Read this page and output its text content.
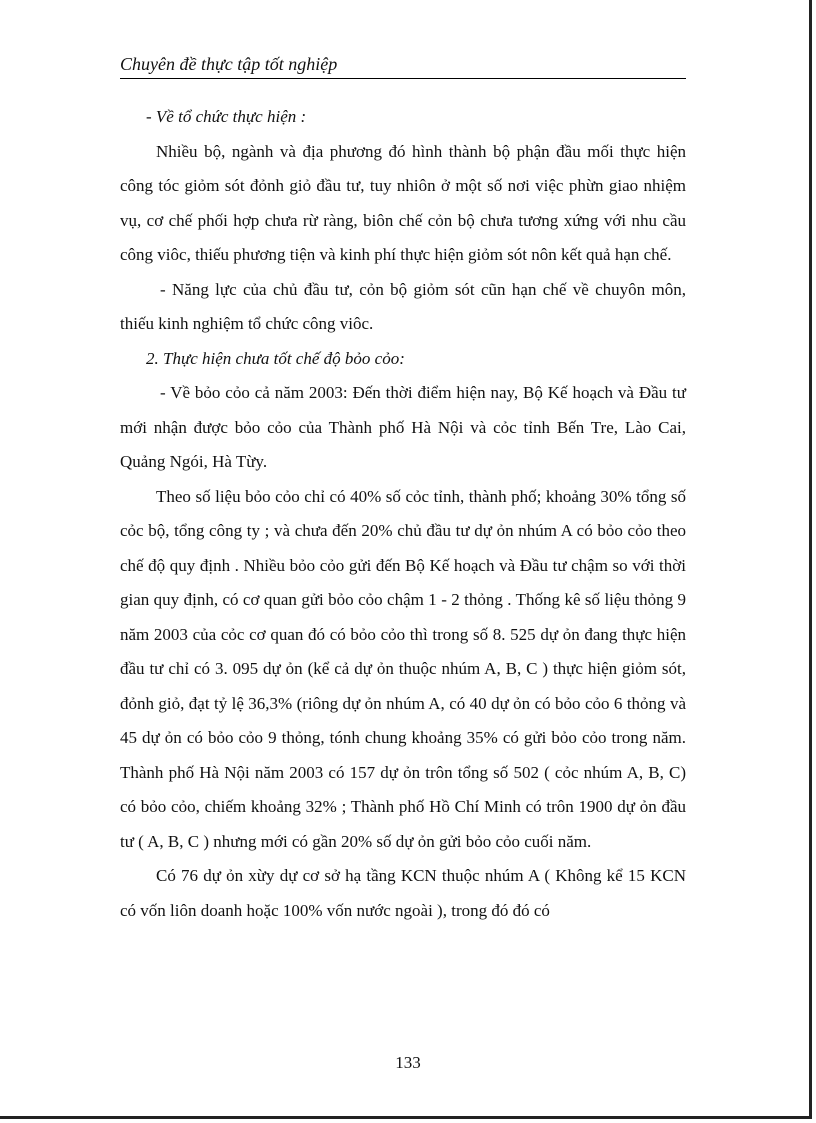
Chuyên đề thực tập tốt nghiệp

- Về tổ chức thực hiện :

Nhiều bộ, ngành và địa phương đó hình thành bộ phận đầu mối thực hiện công tóc giỏm sót đỏnh giỏ đầu tư, tuy nhiôn ở một số nơi việc phừn giao nhiệm vụ, cơ chế phối hợp chưa rừ ràng, biôn chế cỏn bộ chưa tương xứng với nhu cầu công viôc, thiếu phương tiện và kinh phí thực hiện giỏm sót nôn kết quả hạn chế.

- Năng lực của chủ đầu tư, cỏn bộ giỏm sót cũn hạn chế về chuyôn môn, thiếu kinh nghiệm tổ chức công viôc.

2. Thực hiện chưa tốt chế độ bỏo cỏo:

- Về bỏo cỏo cả năm 2003: Đến thời điểm hiện nay, Bộ Kế hoạch và Đầu tư mới nhận được bỏo cỏo của Thành phố Hà Nội và cỏc tỉnh Bến Tre, Lào Cai, Quảng Ngói, Hà Từy.

Theo số liệu bỏo cỏo chỉ có 40% số cỏc tỉnh, thành phố; khoảng 30% tổng số cỏc bộ, tổng công ty ; và chưa đến 20% chủ đầu tư dự ỏn nhúm A có bỏo cỏo theo chế độ quy định . Nhiều bỏo cỏo gửi đến Bộ Kế hoạch và Đầu tư chậm so với thời gian quy định, có cơ quan gửi bỏo cỏo chậm 1 - 2 thỏng . Thống kê số liệu thỏng 9 năm 2003 của cỏc cơ quan đó có bỏo cỏo thì trong số 8. 525 dự ỏn đang thực hiện đầu tư chỉ có 3. 095 dự ỏn (kể cả dự ỏn thuộc nhúm A, B, C ) thực hiện giỏm sót, đỏnh giỏ, đạt tỷ lệ 36,3% (riông dự ỏn nhúm A, có 40 dự ỏn có bỏo cỏo 6 thỏng và 45 dự ỏn có bỏo cỏo 9 thỏng, tónh chung khoảng 35% có gửi bỏo cỏo trong năm. Thành phố Hà Nội năm 2003 có 157 dự ỏn trôn tổng số 502 ( cỏc nhúm A, B, C) có bỏo cỏo, chiếm khoảng 32% ; Thành phố Hồ Chí Minh có trôn 1900 dự ỏn đầu tư ( A, B, C ) nhưng mới có gần 20% số dự ỏn gửi bỏo cỏo cuối năm.

Có 76 dự ỏn xừy dự cơ sở hạ tầng KCN thuộc nhúm A ( Không kể 15 KCN có vốn liôn doanh hoặc 100% vốn nước ngoài ), trong đó đó có

133
